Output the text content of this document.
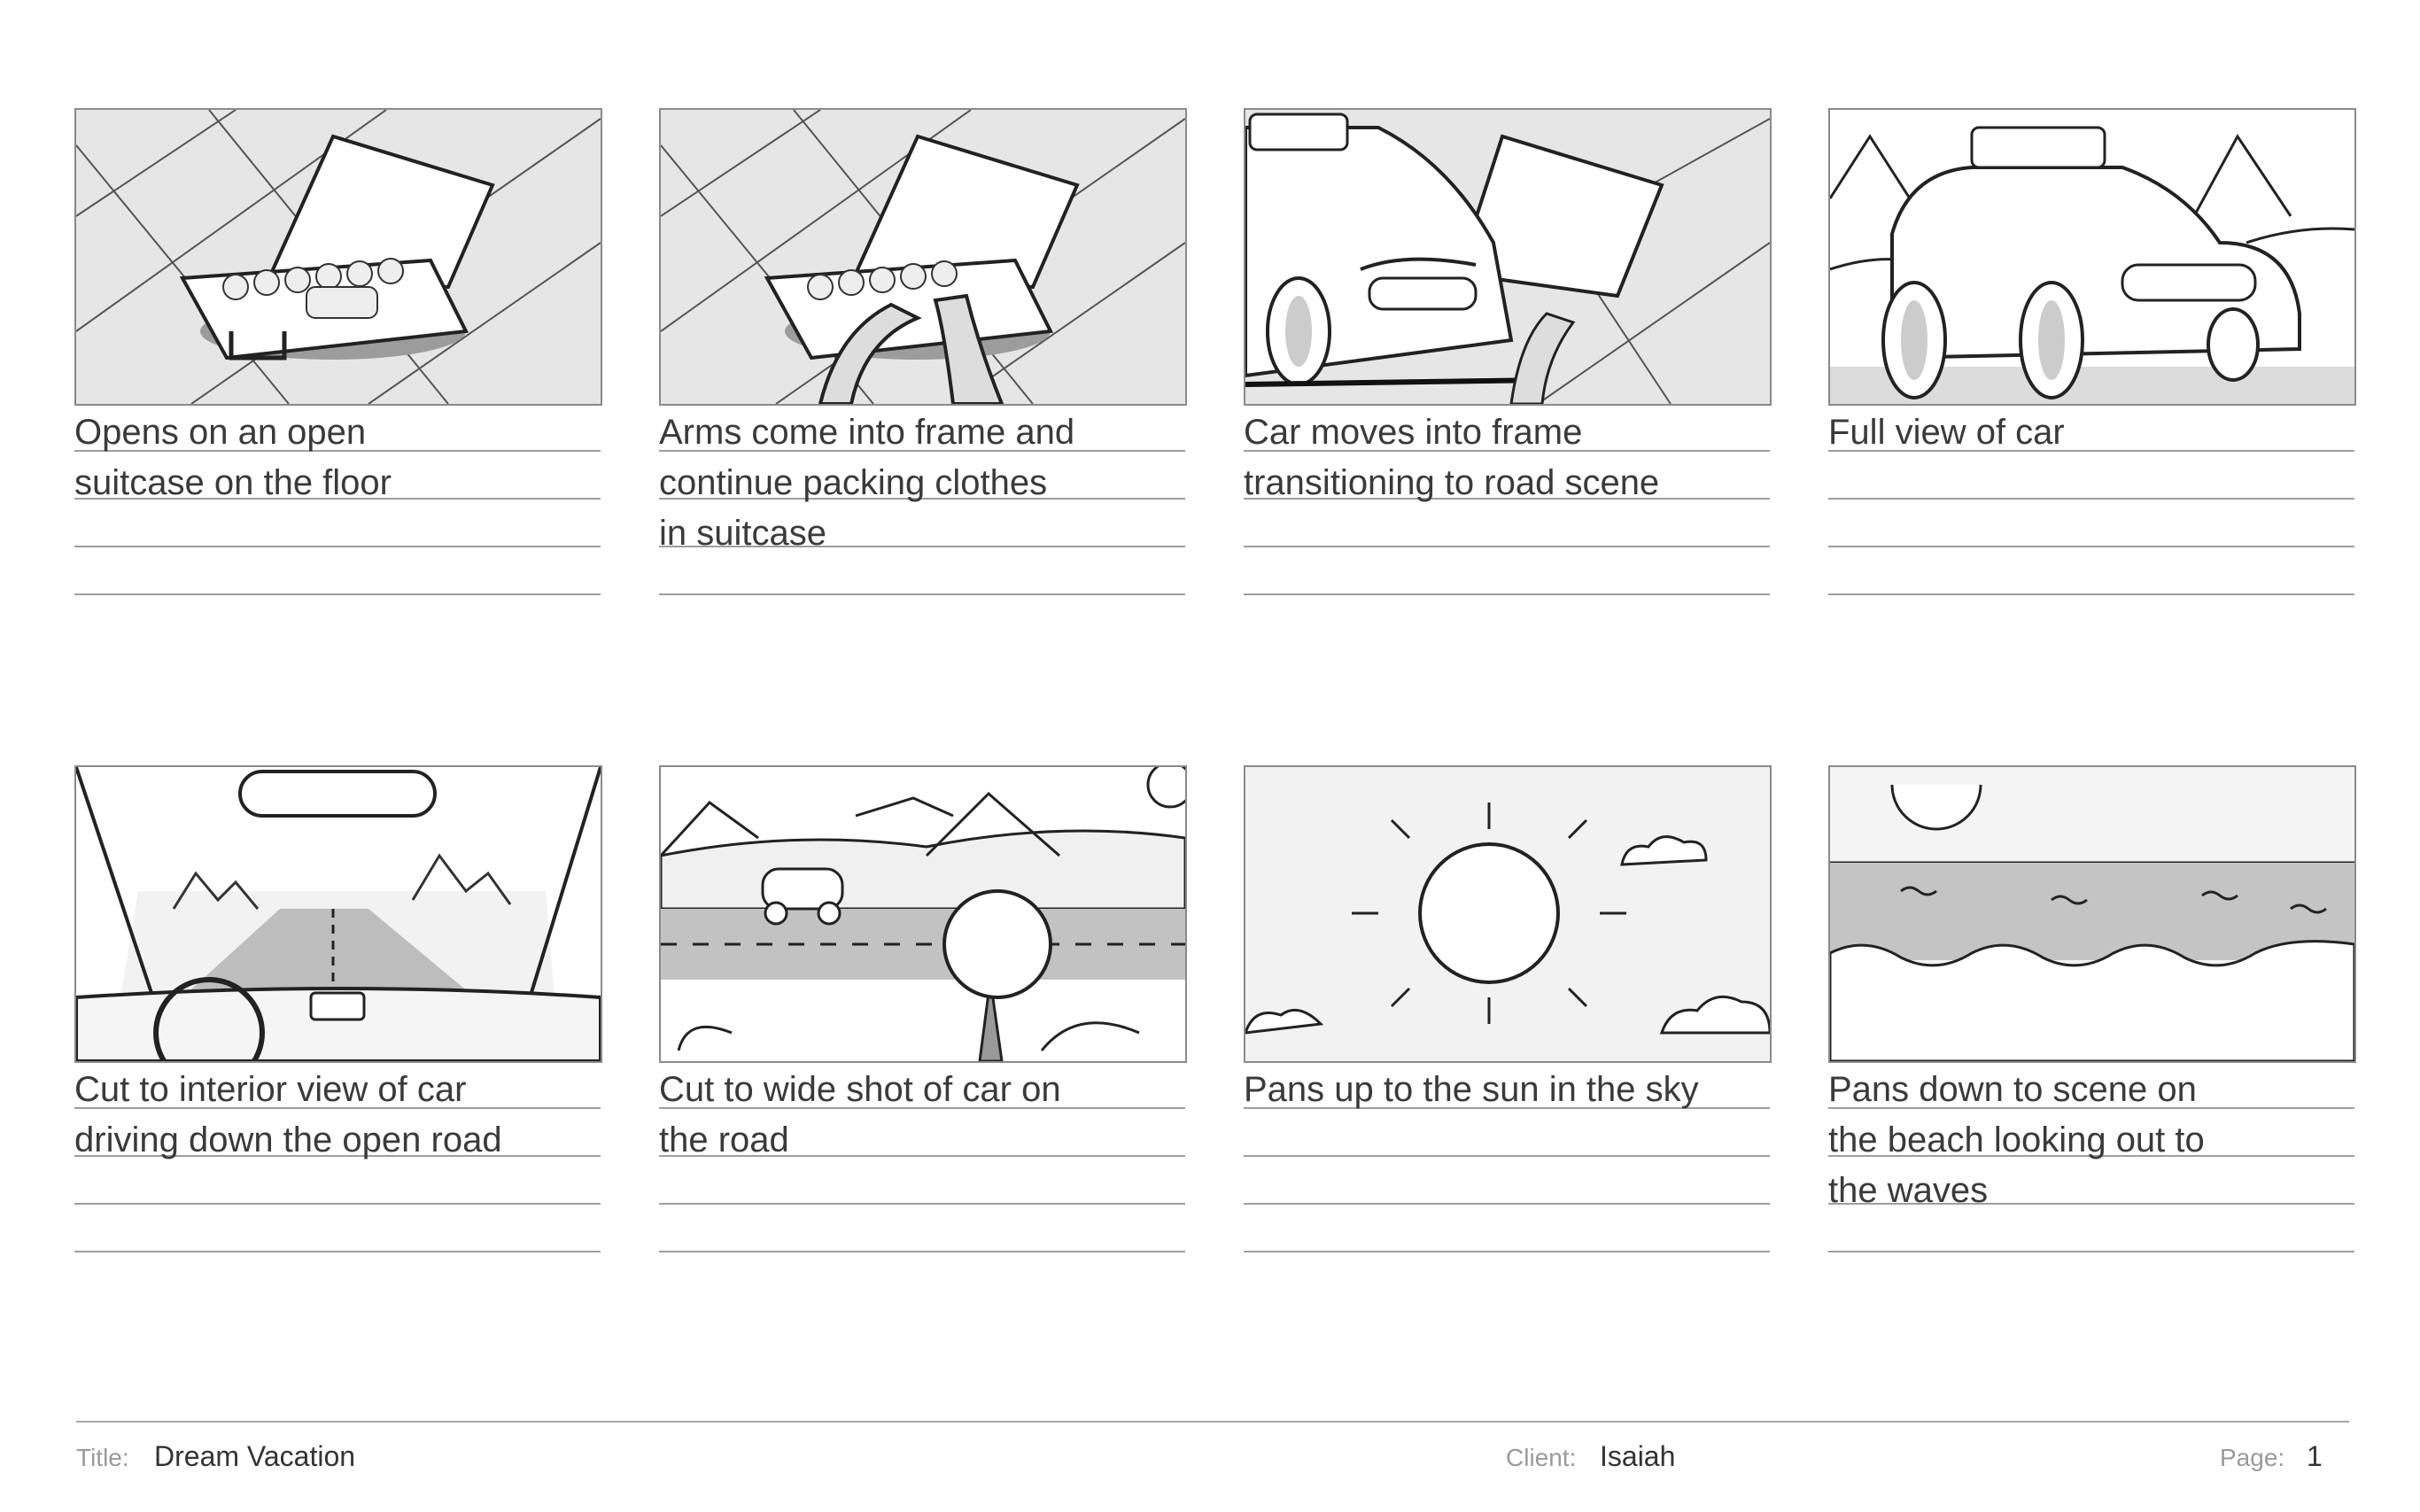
Opens on an open
suitcase on the floor
Arms come into frame and
continue packing clothes
in suitcase
Car moves into frame
transitioning to road scene
Full view of car
Cut to interior view of car
driving down the open road
Cut to wide shot of car on
the road
Pans up to the sun in the sky	Pans down to scene on
the beach looking out to
the waves
Title: Dream Vacation	Client: Isaiah	Page: 1
